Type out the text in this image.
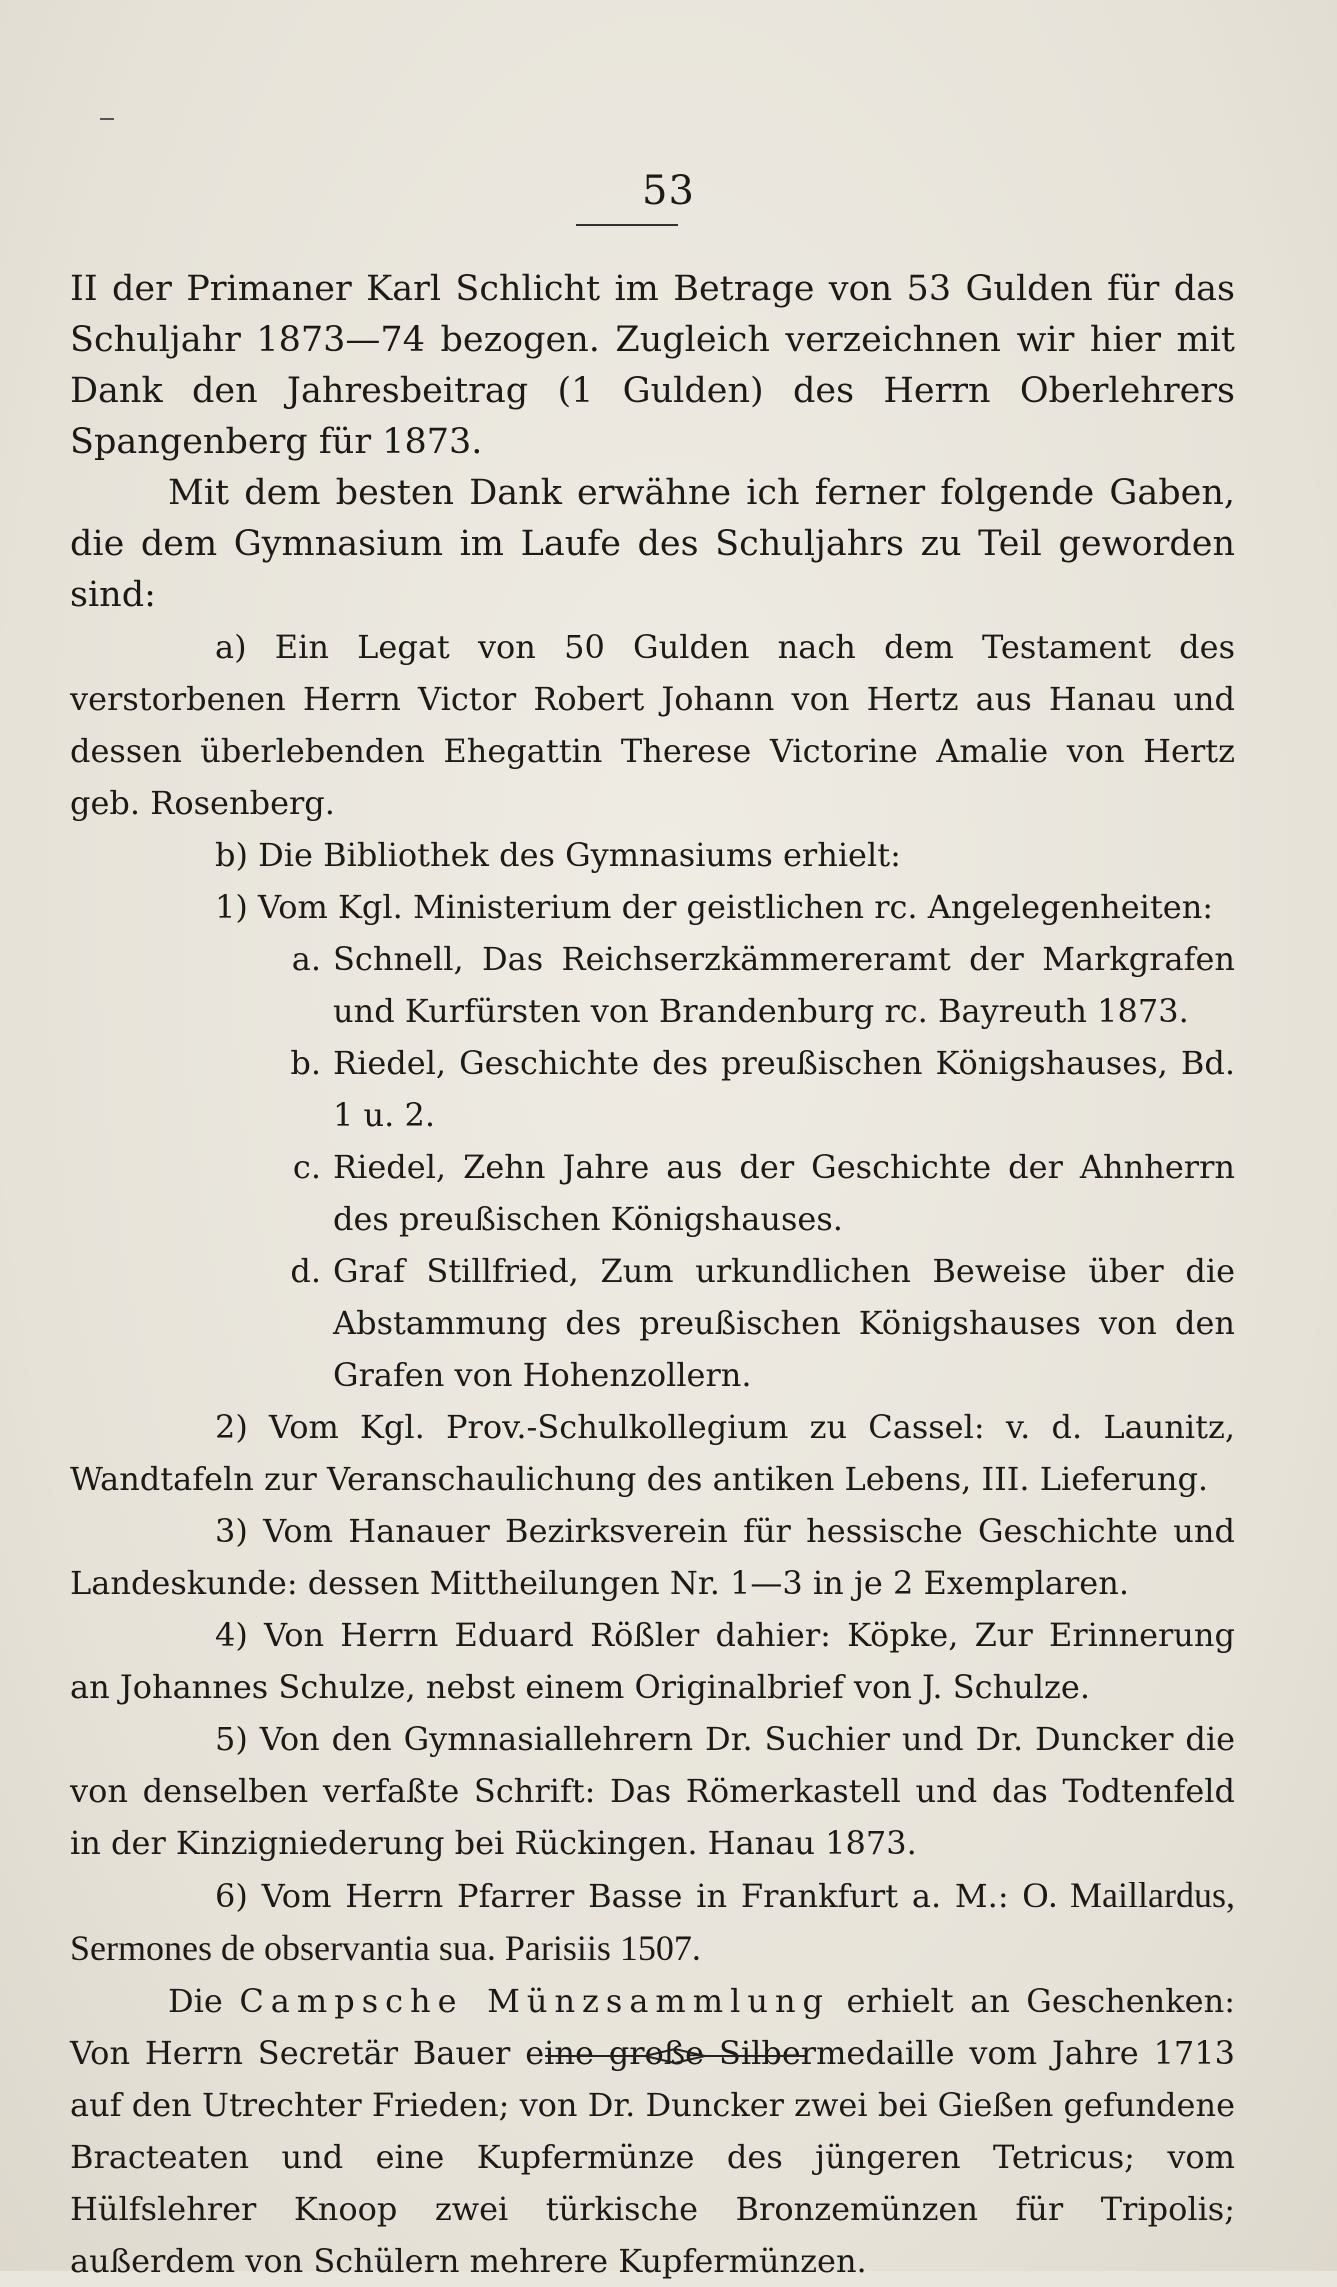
53

II der Primaner Karl Schlicht im Betrage von 53 Gulden für das Schuljahr 1873—74 bezogen. Zugleich verzeichnen wir hier mit Dank den Jahresbeitrag (1 Gulden) des Herrn Oberlehrers Spangenberg für 1873.

Mit dem besten Dank erwähne ich ferner folgende Gaben, die dem Gymnasium im Laufe des Schuljahrs zu Teil geworden sind:

a) Ein Legat von 50 Gulden nach dem Testament des verstorbenen Herrn Victor Robert Johann von Hertz aus Hanau und dessen überlebenden Ehegattin Therese Victorine Amalie von Hertz geb. Rosenberg.

b) Die Bibliothek des Gymnasiums erhielt:

1) Vom Kgl. Ministerium der geistlichen rc. Angelegenheiten:

a. Schnell, Das Reichserzkämmereramt der Markgrafen und Kurfürsten von Brandenburg rc. Bayreuth 1873.
b. Riedel, Geschichte des preußischen Königshauses, Bd. 1 u. 2.
c. Riedel, Zehn Jahre aus der Geschichte der Ahnherrn des preußischen Königshauses.
d. Graf Stillfried, Zum urkundlichen Beweise über die Abstammung des preußischen Königshauses von den Grafen von Hohenzollern.

2) Vom Kgl. Prov.-Schulkollegium zu Cassel: v. d. Launitz, Wandtafeln zur Veranschaulichung des antiken Lebens, III. Lieferung.

3) Vom Hanauer Bezirksverein für hessische Geschichte und Landeskunde: dessen Mittheilungen Nr. 1—3 in je 2 Exemplaren.

4) Von Herrn Eduard Rößler dahier: Köpke, Zur Erinnerung an Johannes Schulze, nebst einem Originalbrief von J. Schulze.

5) Von den Gymnasiallehrern Dr. Suchier und Dr. Duncker die von denselben verfaßte Schrift: Das Römerkastell und das Todtenfeld in der Kinzigniederung bei Rückingen. Hanau 1873.

6) Vom Herrn Pfarrer Basse in Frankfurt a. M.: O. Maillardus, Sermones de observantia sua. Parisiis 1507.

Die Campsche Münzsammlung erhielt an Geschenken: Von Herrn Secretär Bauer eine große Silbermedaille vom Jahre 1713 auf den Utrechter Frieden; von Dr. Duncker zwei bei Gießen gefundene Bracteaten und eine Kupfermünze des jüngeren Tetricus; vom Hülfslehrer Knoop zwei türkische Bronzemünzen für Tripolis; außerdem von Schülern mehrere Kupfermünzen.
